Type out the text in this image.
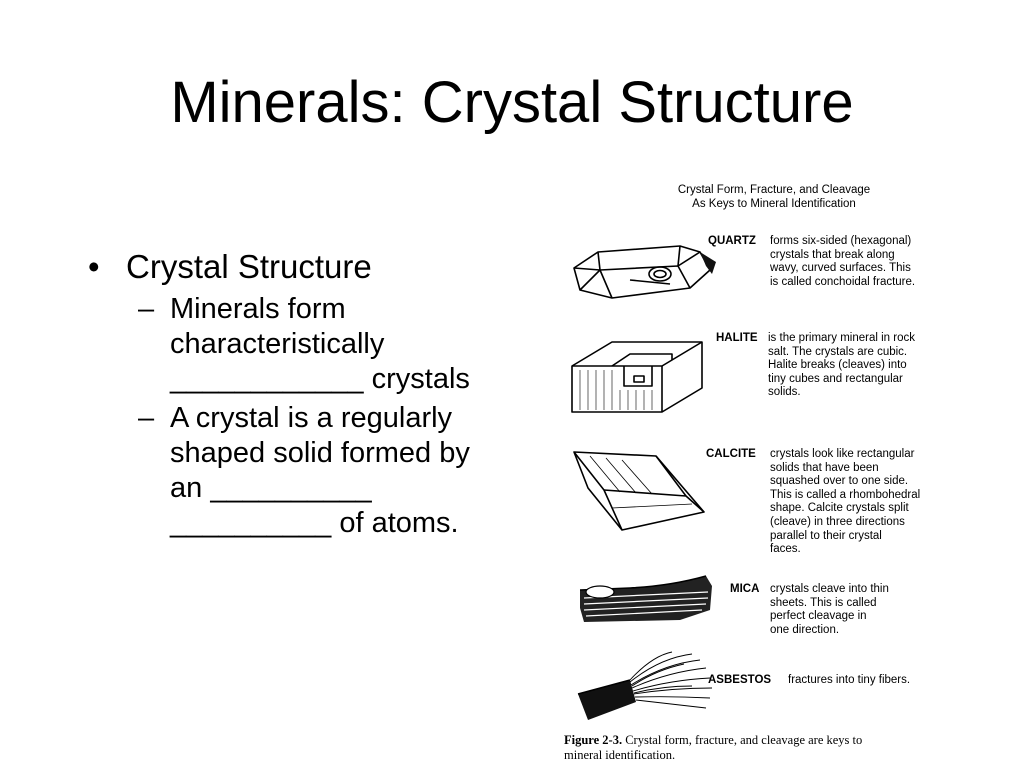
Minerals: Crystal Structure
• Crystal Structure
– Minerals form
characteristically
____________ crystals
– A crystal is a regularly
shaped solid formed by
an __________
__________ of atoms.
Crystal Form, Fracture, and Cleavage
As Keys to Mineral Identification
QUARTZ forms six-sided (hexagonal)
crystals that break along
wavy, curved surfaces. This
is called conchoidal fracture.
HALITE is the primary mineral in rock
salt. The crystals are cubic.
Halite breaks (cleaves) into
tiny cubes and rectangular
solids.
CALCITE crystals look like rectangular
solids that have been
squashed over to one side.
This is called a rhombohedral
shape. Calcite crystals split
(cleave) in three directions
parallel to their crystal
faces.
MICA crystals cleave into thin
sheets. This is called
perfect cleavage in
one direction.
ASBESTOS fractures into tiny fibers.
Figure 2-3. Crystal form, fracture, and cleavage are keys to
mineral identification.
